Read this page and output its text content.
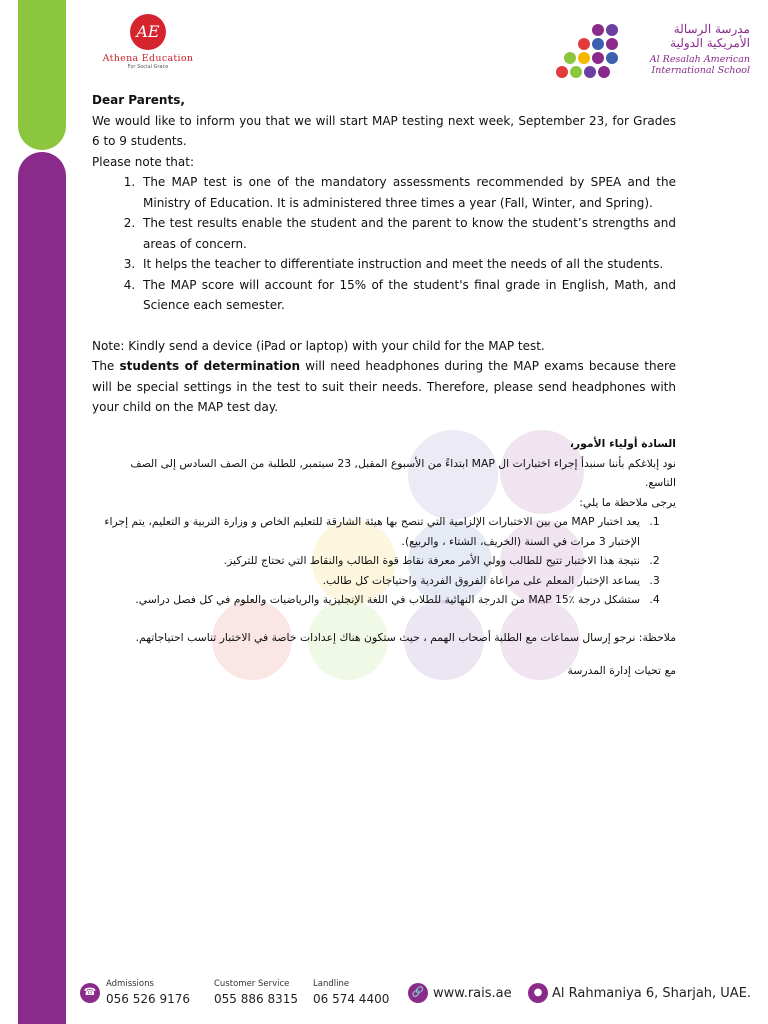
AE
Athena Education
For Social Grace
مدرسة الرسالة الأمريكية الدولية
Al Resalah American
International School

Dear Parents,

We would like to inform you that we will start MAP testing next week, September 23, for Grades 6 to 9 students.

Please note that:

1. The MAP test is one of the mandatory assessments recommended by SPEA and the Ministry of Education. It is administered three times a year (Fall, Winter, and Spring).
2. The test results enable the student and the parent to know the student’s strengths and areas of concern.
3. It helps the teacher to differentiate instruction and meet the needs of all the students.
4. The MAP score will account for 15% of the student's final grade in English, Math, and Science each semester.

Note: Kindly send a device (iPad or laptop) with your child for the MAP test.

The students of determination will need headphones during the MAP exams because there will be special settings in the test to suit their needs. Therefore, please send headphones with your child on the MAP test day.

السادة أولياء الأمور،

نود إبلاغكم بأننا سنبدأ إجراء اختبارات ال MAP ابتداءً من الأسبوع المقبل, 23 سبتمبر, للطلبة من الصف السادس إلى الصف التاسع.

يرجى ملاحظة ما يلي:

1. يعد اختبار MAP من بين الاختبارات الإلزامية التي تنصح بها هيئة الشارقة للتعليم الخاص و وزارة التربية و التعليم، يتم إجراء الإختبار 3 مرات في السنة (الخريف، الشتاء ، والربيع).
2. نتيجة هذا الاختبار تتيح للطالب وولي الأمر معرفة نقاط قوة الطالب والنقاط التي تحتاج للتركيز.
3. يساعد الإختبار المعلم على مراعاة الفروق الفردية واحتياجات كل طالب.
4. ستشكل درجة MAP 15٪ من الدرجة النهائية للطلاب في اللغة الإنجليزية والرياضيات والعلوم في كل فصل دراسي.

ملاحظة: نرجو إرسال سماعات مع الطلبة أصحاب الهمم ، حيث ستكون هناك إعدادات خاصة في الاختبار تناسب احتياجاتهم.

مع تحيات إدارة المدرسة

☎
Admissions
056 526 9176
Customer Service
055 886 8315
Landline
06 574 4400	🔗 www.rais.ae	● Al Rahmaniya 6, Sharjah, UAE.
